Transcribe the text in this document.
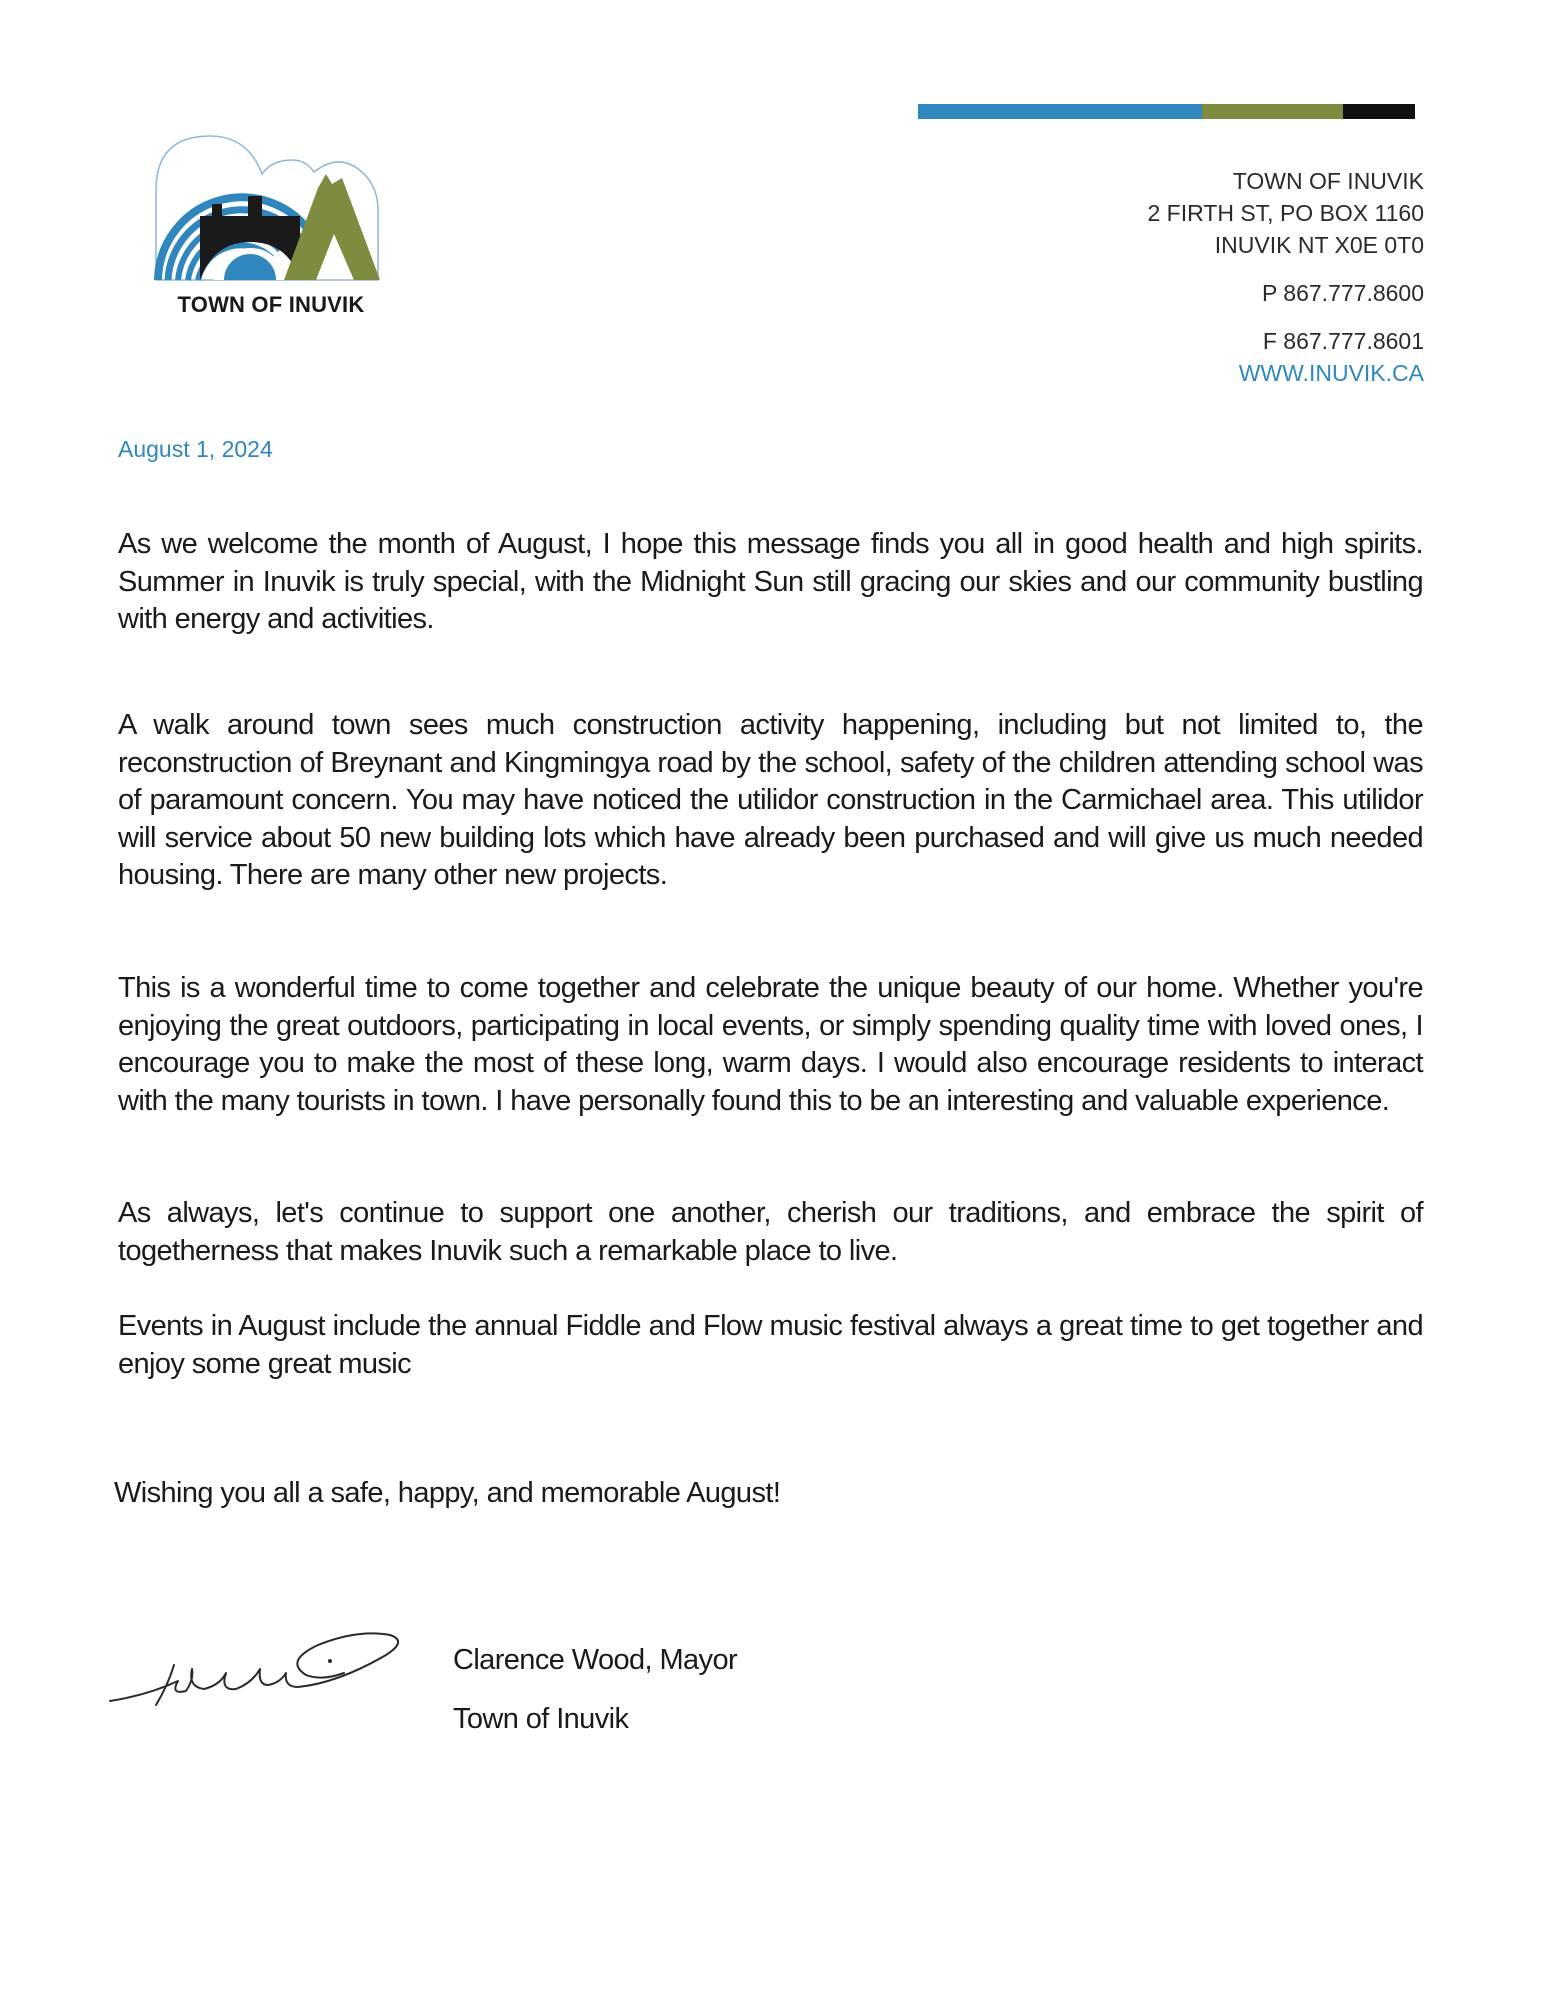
TOWN OF INUVIK
TOWN OF INUVIK
2 FIRTH ST, PO BOX 1160
INUVIK NT X0E 0T0
P 867.777.8600
F 867.777.8601
WWW.INUVIK.CA
August 1, 2024
As we welcome the month of August, I hope this message finds you all in good health and high spirits. Summer in Inuvik is truly special, with the Midnight Sun still gracing our skies and our community bustling with energy and activities.
A walk around town sees much construction activity happening, including but not limited to, the reconstruction of Breynant and Kingmingya road by the school, safety of the children attending school was of paramount concern. You may have noticed the utilidor construction in the Carmichael area. This utilidor will service about 50 new building lots which have already been purchased and will give us much needed housing. There are many other new projects.
This is a wonderful time to come together and celebrate the unique beauty of our home. Whether you're enjoying the great outdoors, participating in local events, or simply spending quality time with loved ones, I encourage you to make the most of these long, warm days. I would also encourage residents to interact with the many tourists in town. I have personally found this to be an interesting and valuable experience.
As always, let's continue to support one another, cherish our traditions, and embrace the spirit of togetherness that makes Inuvik such a remarkable place to live.
Events in August include the annual Fiddle and Flow music festival always a great time to get together and enjoy some great music
Wishing you all a safe, happy, and memorable August!
Clarence Wood, Mayor
Town of Inuvik
